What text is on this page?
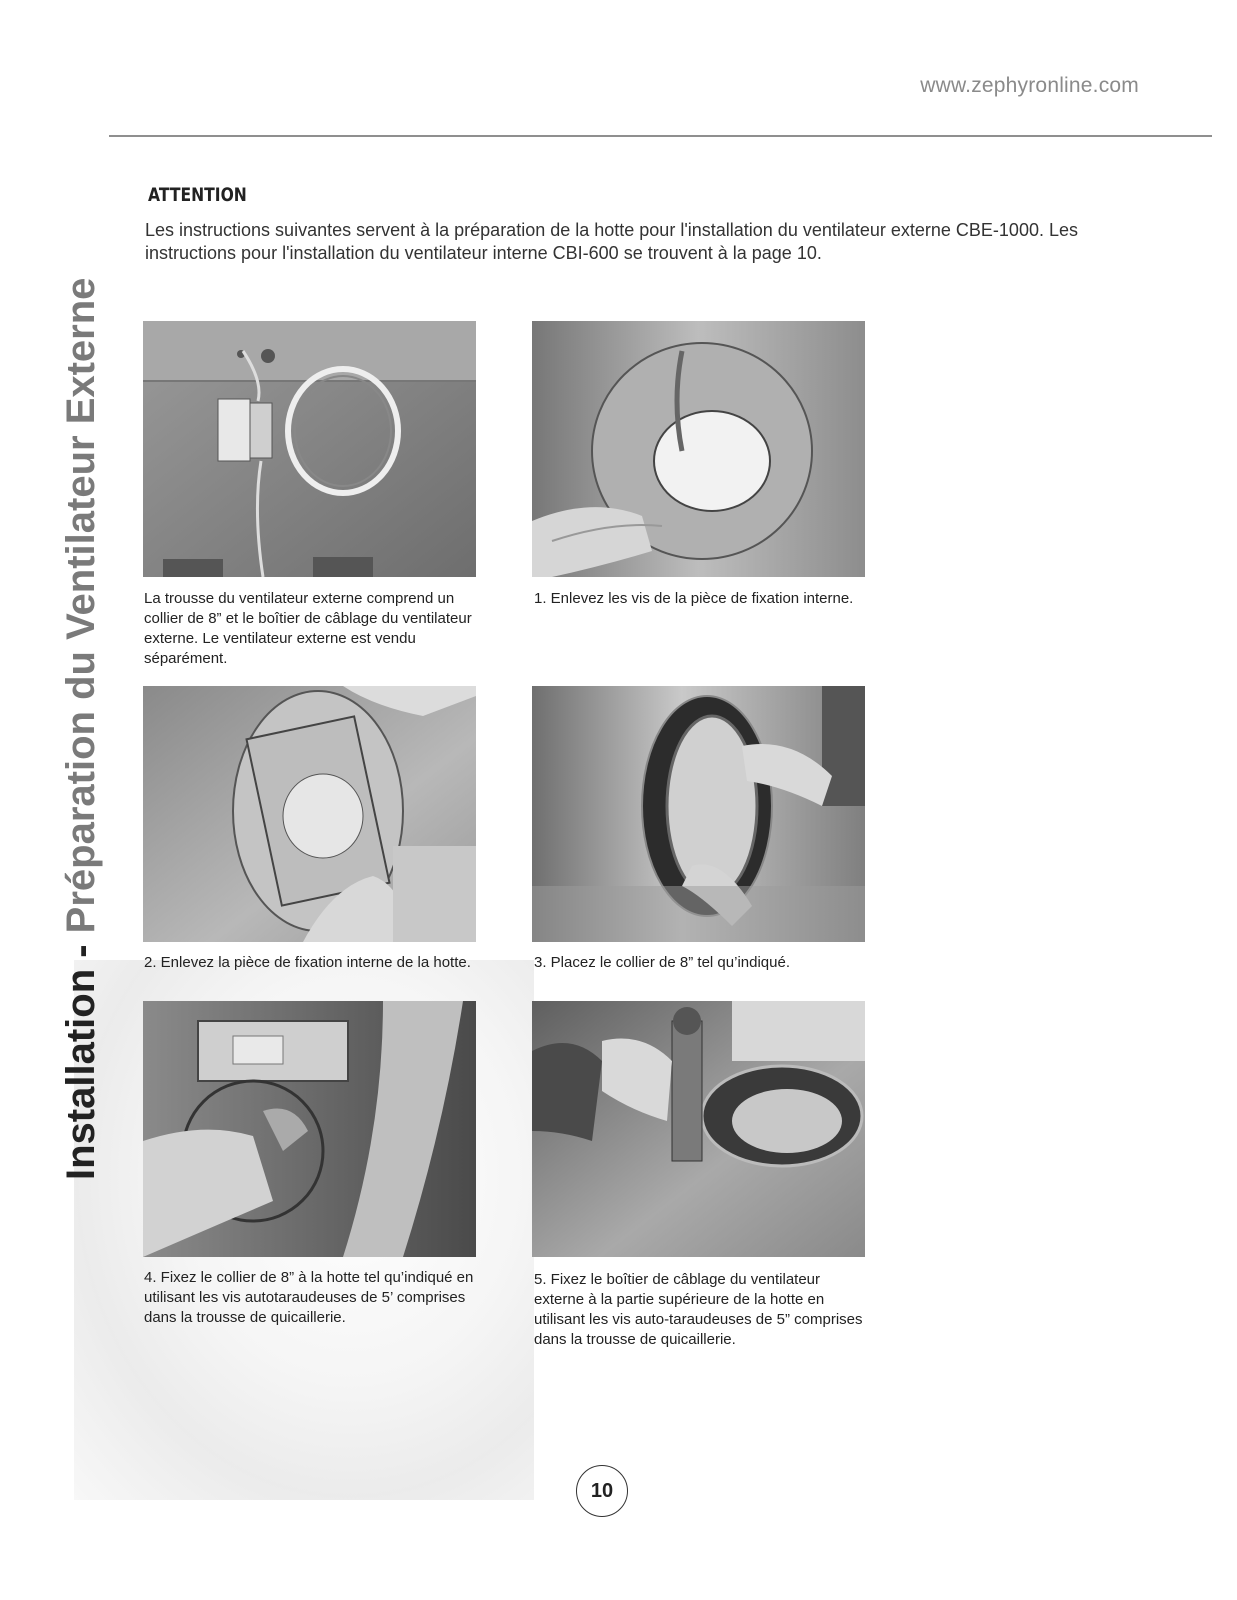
www.zephyronline.com
Installation - Préparation du Ventilateur Externe
ATTENTION
Les instructions suivantes servent à la préparation de la hotte pour l'installation du ventilateur externe CBE-1000. Les instructions pour l'installation du ventilateur interne CBI-600 se trouvent à la page 10.
La trousse du ventilateur externe comprend un collier de 8” et le boîtier de câblage du ventilateur externe. Le ventilateur externe est vendu séparément.
1. Enlevez les vis de la pièce de fixation interne.
2. Enlevez la pièce de fixation interne de la hotte.	3. Placez le collier de 8” tel qu’indiqué.
4. Fixez le collier de 8” à la hotte tel qu’indiqué en utilisant les vis autotaraudeuses de 5’ comprises dans la trousse de quicaillerie.
5. Fixez le boîtier de câblage du ventilateur externe à la partie supérieure de la hotte en utilisant les vis auto-taraudeuses de 5” comprises dans la trousse de quicaillerie.
10
